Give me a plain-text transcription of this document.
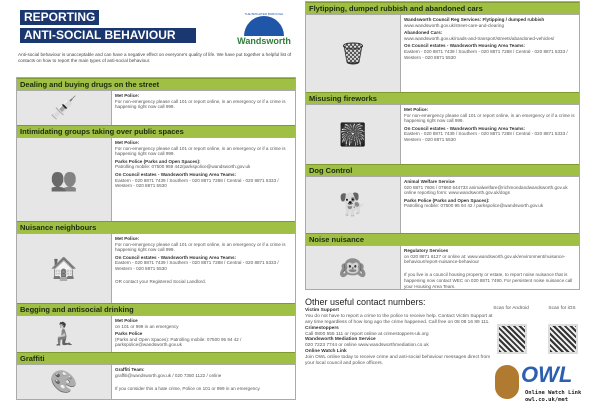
REPORTING
ANTI-SOCIAL BEHAVIOUR
THE BRIGHTER BOROUGH
Wandsworth
Anti-social behaviour is unacceptable and can have a negative effect on everyone's quality of life. We have put together a helpful list of contacts on how to report the main types of anti-social behaviour.
Dealing and buying drugs on the street
💉	Met Police:
For non-emergency please call 101 or report online, in an emergency or if a crime is happening right now call 999.

Intimidating groups taking over public spaces
👥

Met Police:
For non-emergency please call 101 or report online, in an emergency or if a crime is happening right now call 999.

Parks Police (Parks and Open Spaces):
Patrolling mobile: 07500 959 442/parkspolice@wandsworth.gov.uk

On Council estates - Wandsworth Housing Area Teams:
Eastern - 020 8871 7439 / Southern - 020 8871 7288 / Central - 020 8871 5333 / Western - 020 8871 5530

Nuisance neighbours
🏠

Met Police:
For non-emergency please call 101 or report online, in an emergency or if a crime is happening right now call 999.

On Council estates - Wandsworth Housing Area Teams:
Eastern - 020 8871 7439 / Southern - 020 8871 7288 / Central - 020 8871 5333 / Western - 020 8871 5530

OR contact your Registered Social Landlord.

Begging and antisocial drinking
🧎

Met Police
on 101 or 999 in an emergency

Parks Police
(Parks and Open Spaces): Patrolling mobile: 07500 95 94 42 / parkspolice@wandsworth.gov.uk

Graffiti
🎨	Graffiti Team:
graffiti@wandsworth.gov.uk / 020 7350 1122 / online

If you consider this a hate crime, Police on 101 or 999 in an emergency

Flytipping, dumped rubbish and abandoned cars
🗑

Wandsworth Council Reg Services: Flytipping / dumped rubbish
www.wandsworth.gov.uk/street-care-and-clearing

Abandoned Cars:
www.wandsworth.gov.uk/roads-and-transport/streets/abandoned-vehicles/

On Council estates - Wandsworth Housing Area Teams:
Eastern - 020 8871 7439 / Southern - 020 8871 7288 / Central - 020 8871 5333 / Western - 020 8871 5530

Misusing fireworks
🎆

Met Police:
For non-emergency please call 101 or report online, in an emergency or if a crime is happening right now call 999.

On Council estates - Wandsworth Housing Area Teams:
Eastern - 020 8871 7439 / Southern - 020 8871 7288 / Central - 020 8871 5333 / Western - 020 8871 5530

Dog Control
🐕

Animal Welfare Service
020 8871 7606 / 07860 544733 animalwelfare@richmondandwandsworth.gov.uk online reporting form: www.wandsworth.gov.uk/dogs

Parks Police (Parks and Open Spaces):
Patrolling mobile: 07500 95 94 42 / parkspolice@wandsworth.gov.uk

Noise nuisance
🙉

Regulatory Services
on 020 8871 6127 or online at: www.wandsworth.gov.uk/environment/nuisance-behaviour/report-nuisance-behaviour

If you live in a council housing property or estate, to report noise nuisance that is happening now contact WEC on 020 8871 7490. For persistent noise nuisance call your Housing Area Team.

Other useful contact numbers:
Victim Support
You do not have to report a crime to the police to receive help. Contact Victim Support at any time regardless of how long ago the crime happened. Call free on 08 08 16 89 111.
Crimestoppers
Call 0800 555 111 or report online at crimestoppers-uk.org
Wandsworth Mediation Service
020 7223 7744 or online www.wandsworthmediation.co.uk
Online Watch Link
Join OWL online today to receive crime and anti-social behaviour messages direct from your local council and police officers.
Scan for Android	Scan for iOS
OWL
Online Watch Link
owl.co.uk/met
